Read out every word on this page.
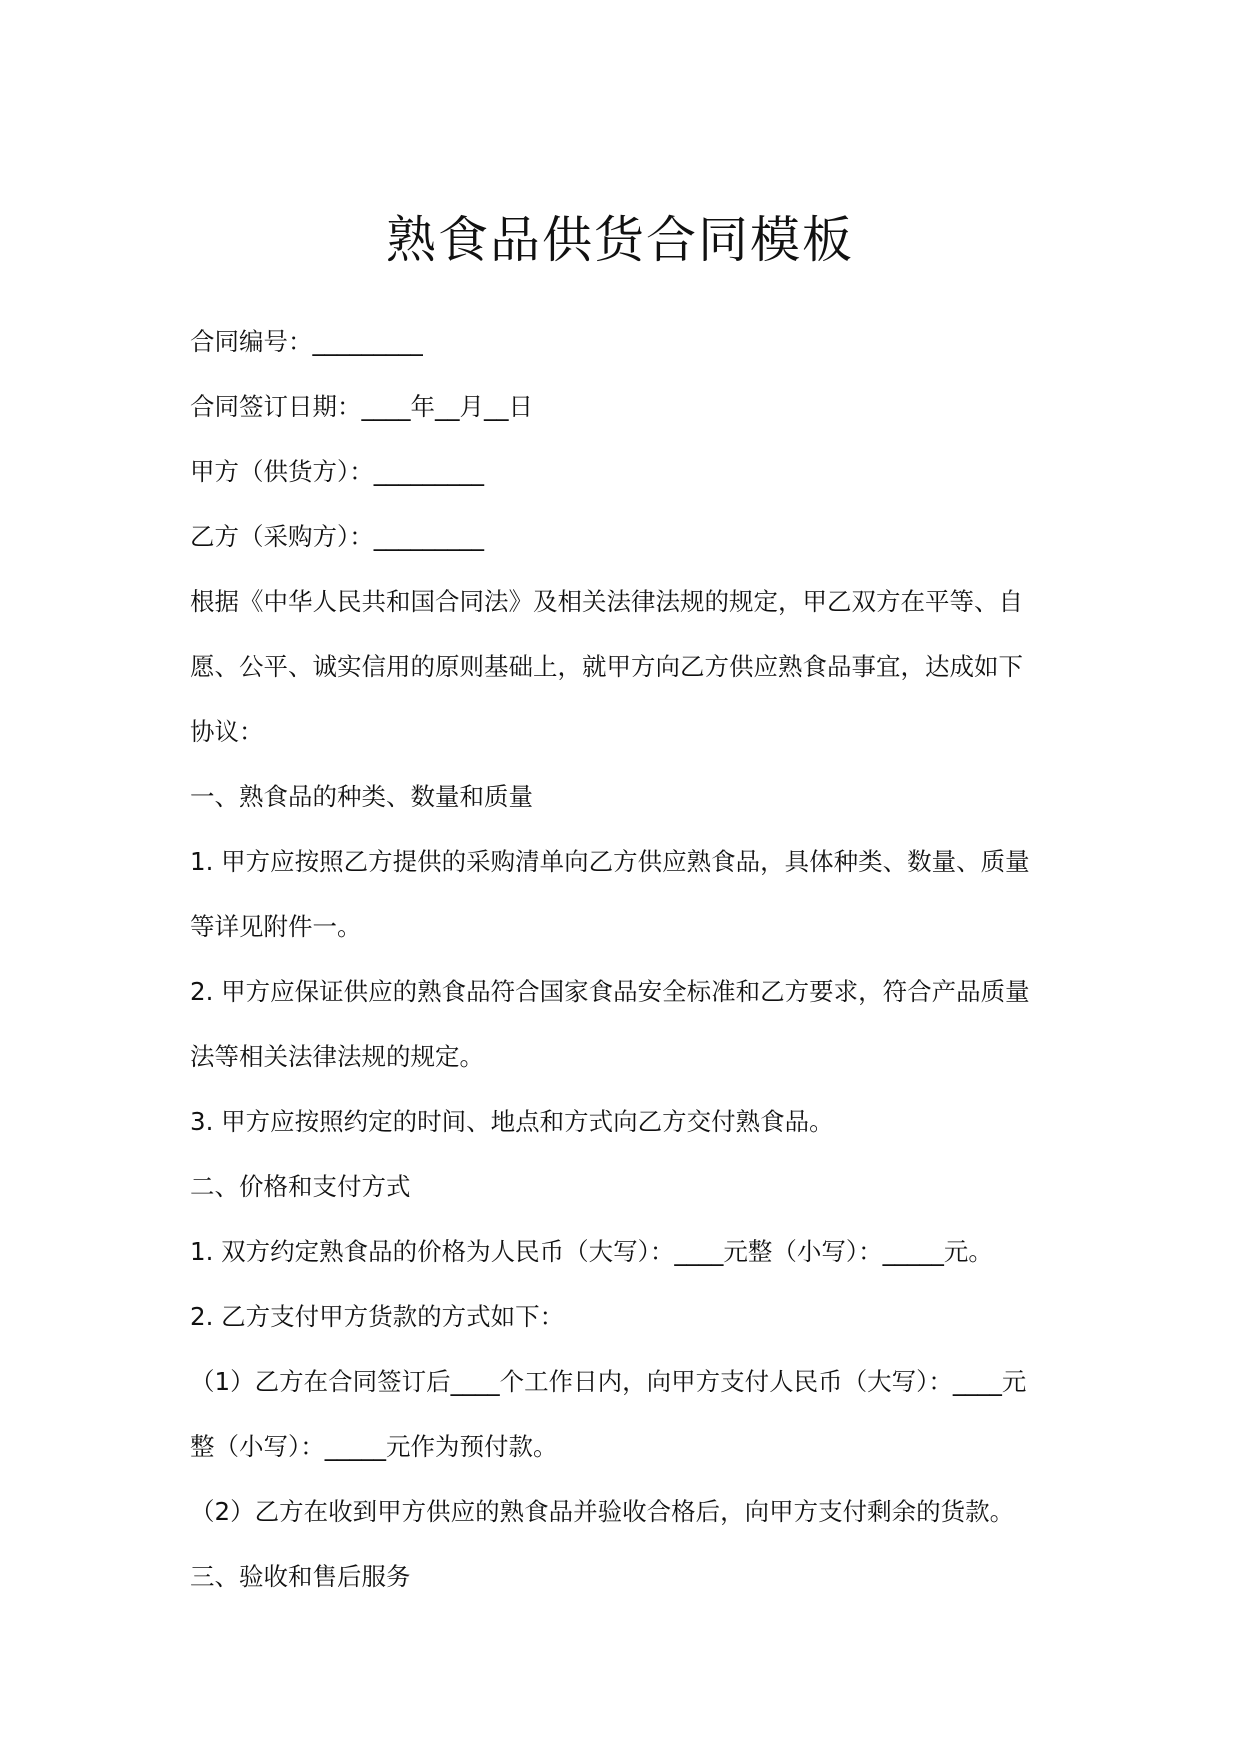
熟食品供货合同模板

合同编号：_________

合同签订日期：____年__月__日

甲方（供货方）：_________

乙方（采购方）：_________

根据《中华人民共和国合同法》及相关法律法规的规定，甲乙双方在平等、自

愿、公平、诚实信用的原则基础上，就甲方向乙方供应熟食品事宜，达成如下

协议：

一、熟食品的种类、数量和质量

1. 甲方应按照乙方提供的采购清单向乙方供应熟食品，具体种类、数量、质量

等详见附件一。

2. 甲方应保证供应的熟食品符合国家食品安全标准和乙方要求，符合产品质量

法等相关法律法规的规定。

3. 甲方应按照约定的时间、地点和方式向乙方交付熟食品。

二、价格和支付方式

1. 双方约定熟食品的价格为人民币（大写）：____元整（小写）：_____元。

2. 乙方支付甲方货款的方式如下：

（1）乙方在合同签订后____个工作日内，向甲方支付人民币（大写）：____元

整（小写）：_____元作为预付款。

（2）乙方在收到甲方供应的熟食品并验收合格后，向甲方支付剩余的货款。

三、验收和售后服务
